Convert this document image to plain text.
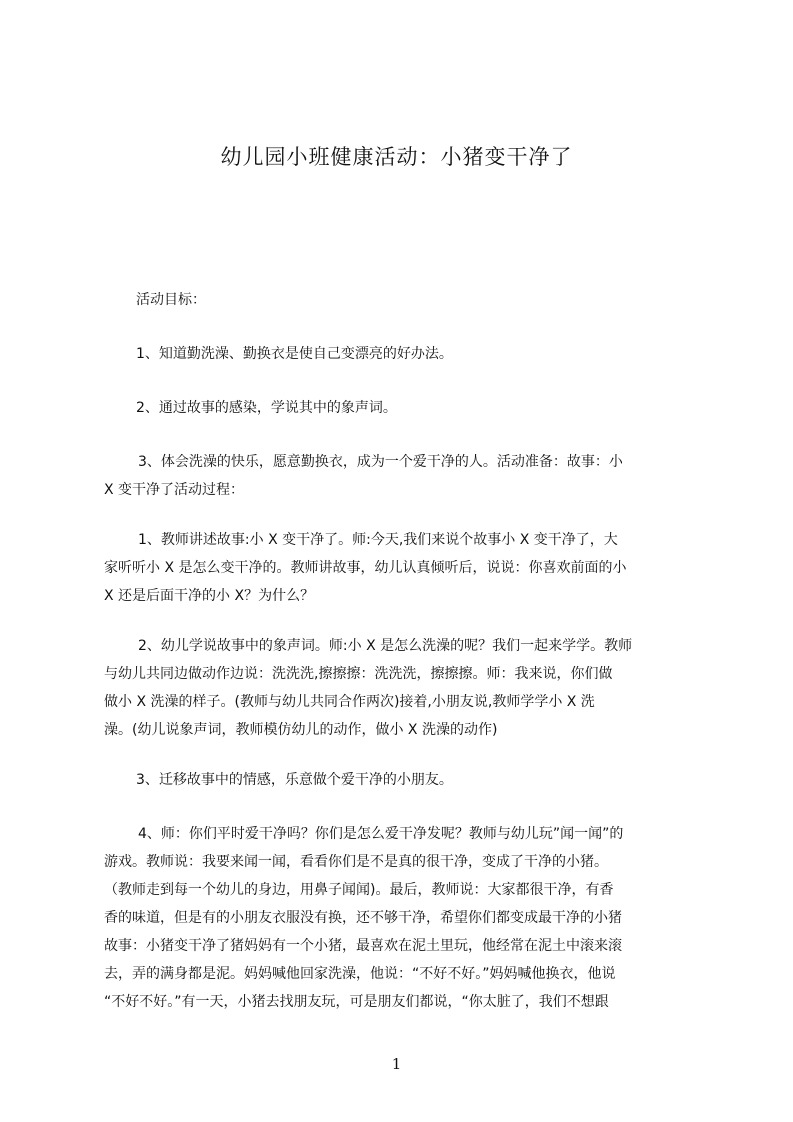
幼儿园小班健康活动：小猪变干净了
活动目标：
1、知道勤洗澡、勤换衣是使自己变漂亮的好办法。
2、通过故事的感染，学说其中的象声词。
3、体会洗澡的快乐，愿意勤换衣，成为一个爱干净的人。活动准备：故事：小
X 变干净了活动过程：
1、教师讲述故事:小 X 变干净了。师:今天,我们来说个故事小 X 变干净了，大
家听听小 X 是怎么变干净的。教师讲故事，幼儿认真倾听后，说说：你喜欢前面的小
X 还是后面干净的小 X？为什么？
2、幼儿学说故事中的象声词。师:小 X 是怎么洗澡的呢？我们一起来学学。教师
与幼儿共同边做动作边说：洗洗洗,擦擦擦：洗洗洗，擦擦擦。师：我来说，你们做
做小 X 洗澡的样子。(教师与幼儿共同合作两次)接着,小朋友说,教师学学小 X 洗
澡。(幼儿说象声词，教师模仿幼儿的动作，做小 X 洗澡的动作)
3、迁移故事中的情感，乐意做个爱干净的小朋友。
4、师：你们平时爱干净吗？你们是怎么爱干净发呢？教师与幼儿玩”闻一闻”的
游戏。教师说：我要来闻一闻，看看你们是不是真的很干净，变成了干净的小猪。
（教师走到每一个幼儿的身边，用鼻子闻闻)。最后，教师说：大家都很干净，有香
香的味道，但是有的小朋友衣服没有换，还不够干净，希望你们都变成最干净的小猪
故事：小猪变干净了猪妈妈有一个小猪，最喜欢在泥土里玩，他经常在泥土中滚来滚
去，弄的满身都是泥。妈妈喊他回家洗澡，他说：“不好不好。”妈妈喊他换衣，他说
“不好不好。”有一天，小猪去找朋友玩，可是朋友们都说，“你太脏了，我们不想跟
1
